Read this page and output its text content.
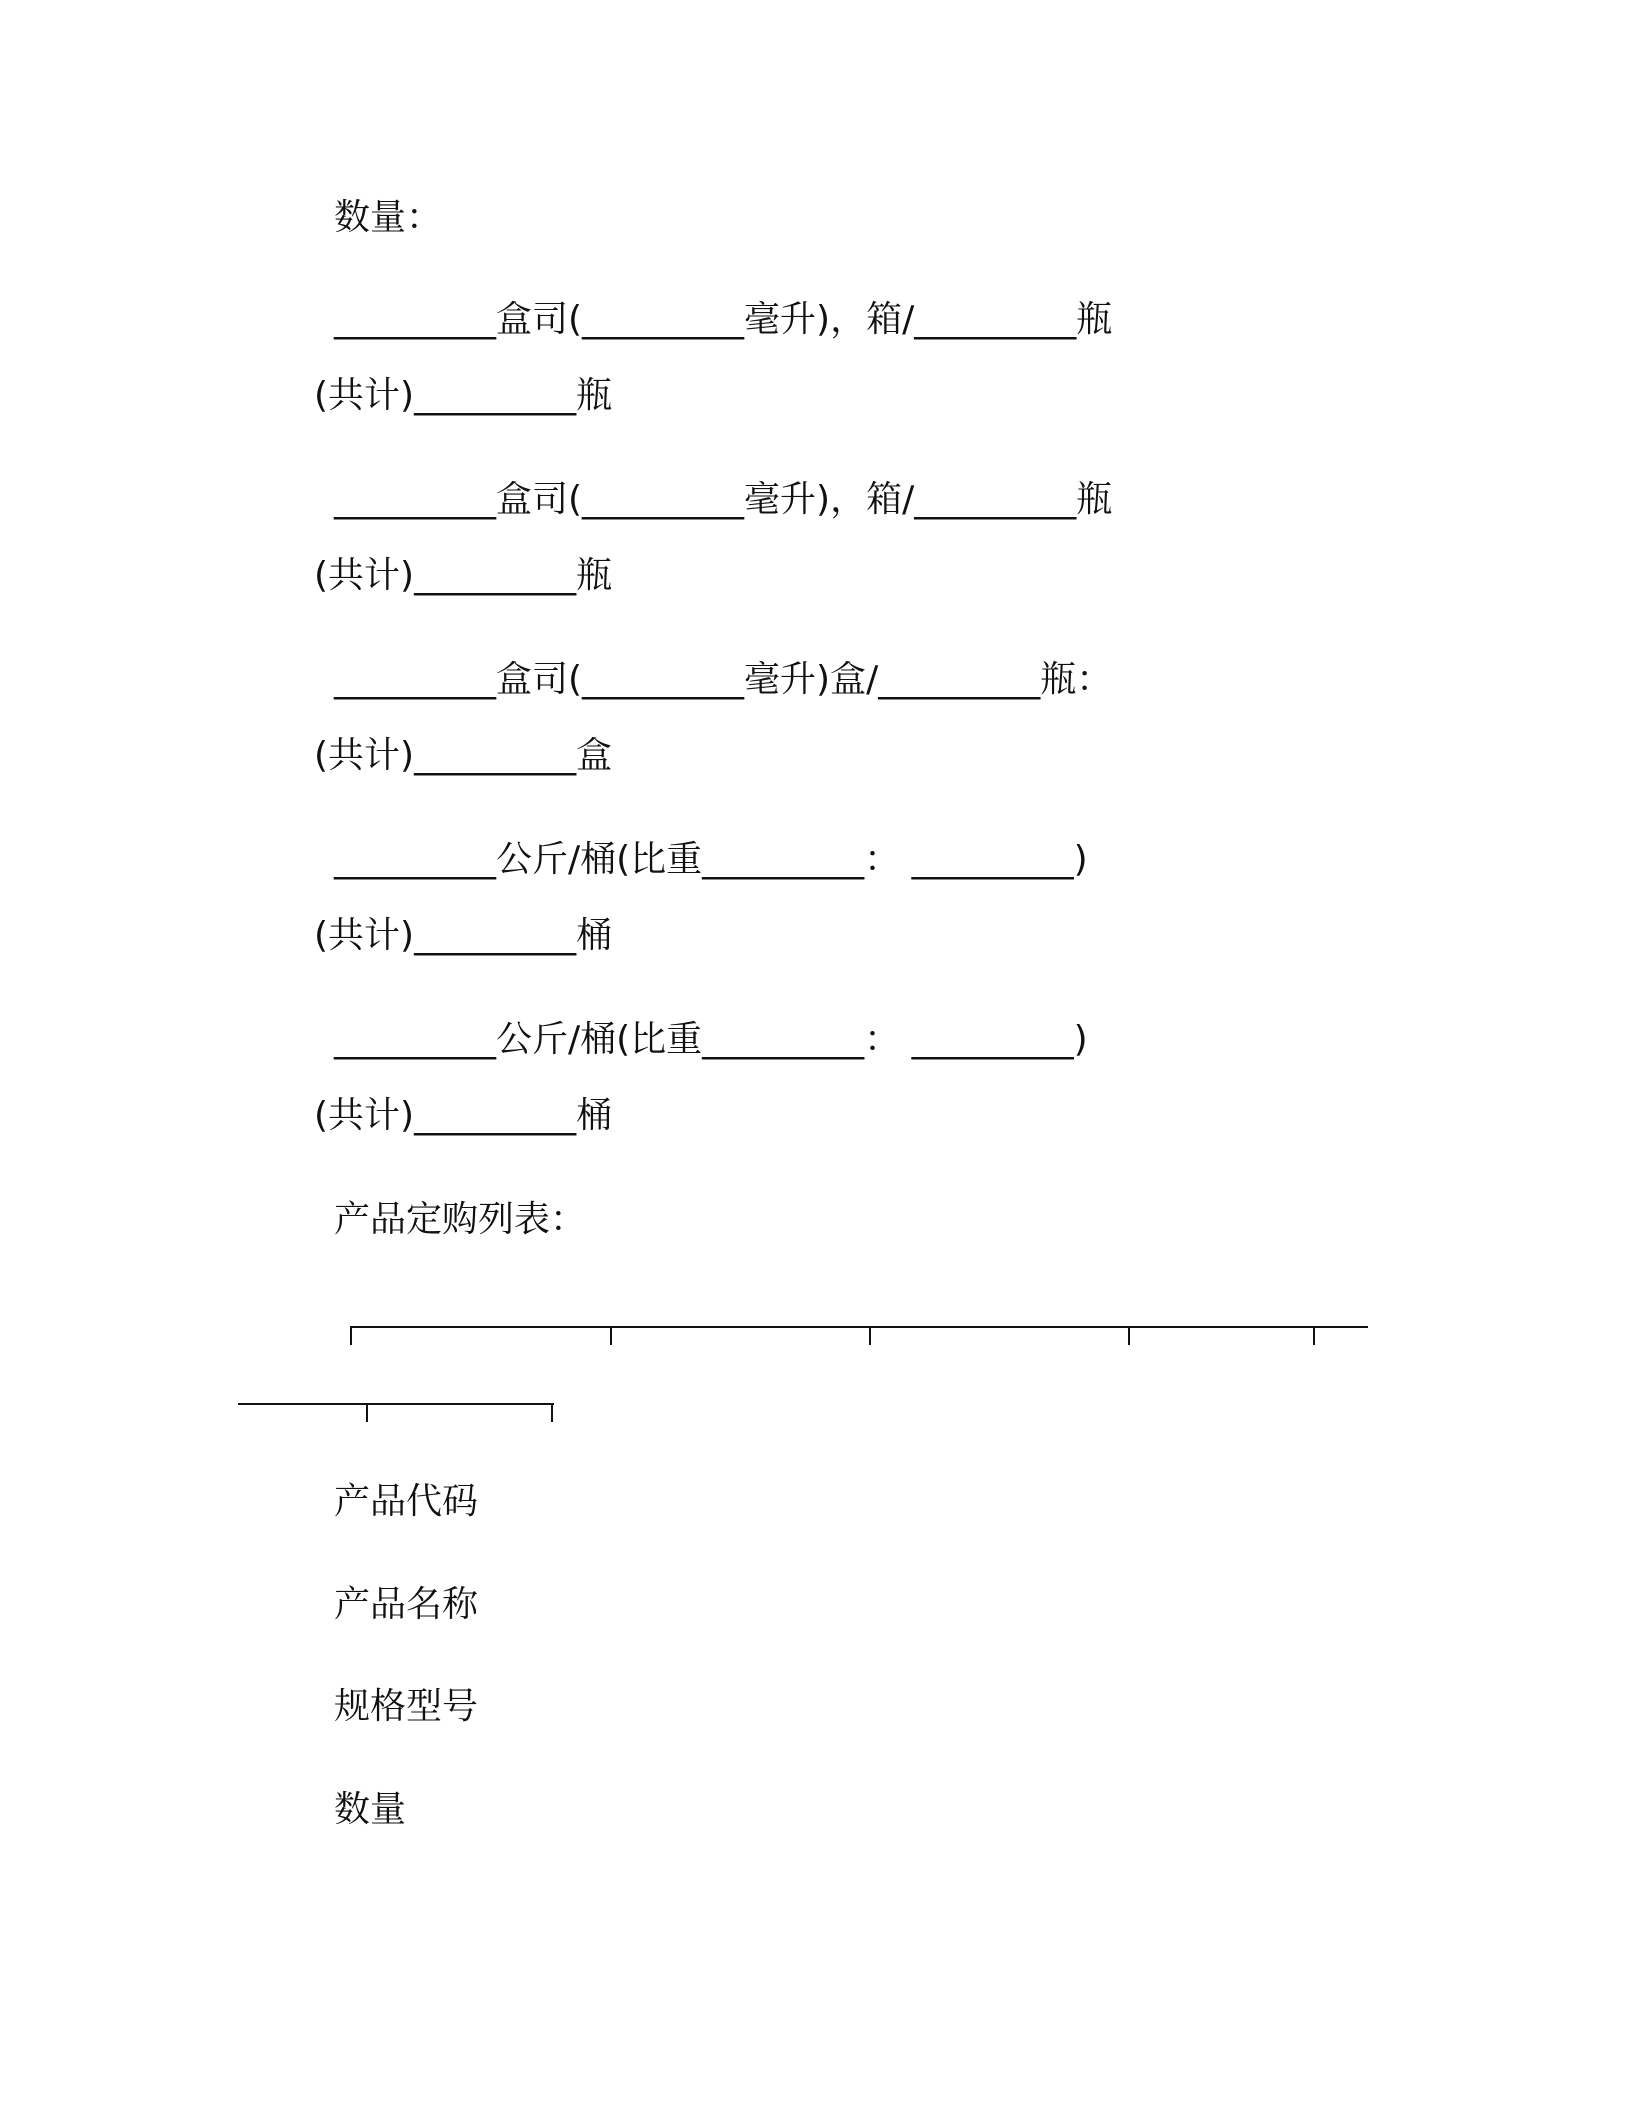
数量：
_________盒司(_________毫升)，箱/_________瓶
(共计)_________瓶
_________盒司(_________毫升)，箱/_________瓶
(共计)_________瓶
_________盒司(_________毫升)盒/_________瓶：
(共计)_________盒
_________公斤/桶(比重_________： _________)
(共计)_________桶
_________公斤/桶(比重_________： _________)
(共计)_________桶
产品定购列表：
产品代码
产品名称
规格型号
数量
